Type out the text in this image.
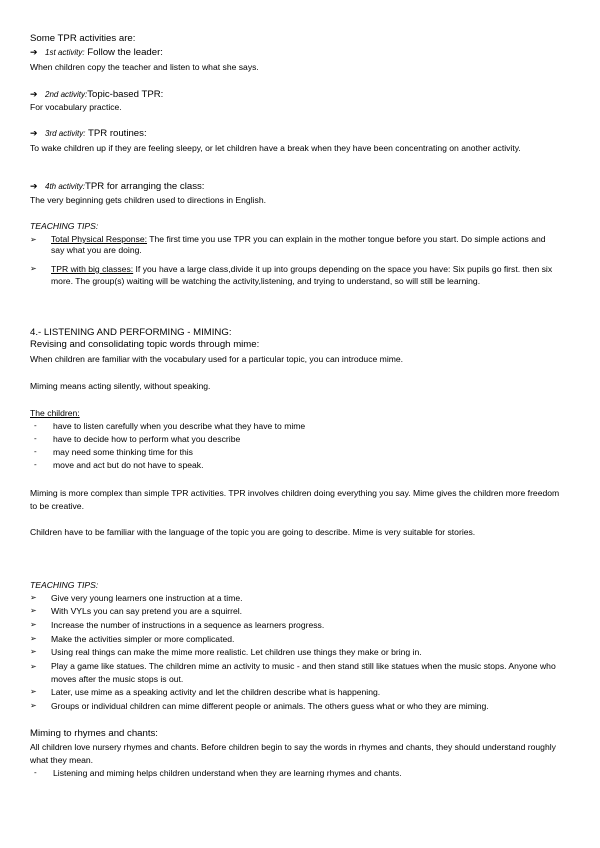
Some TPR activities are:
➔ 1st activity: Follow the leader:
When children copy the teacher and listen to what she says.
➔ 2nd activity:Topic-based TPR:
For vocabulary practice.
➔ 3rd activity: TPR routines:
To wake children up if they are feeling sleepy, or let children have a break when they have been concentrating on another activity.
➔ 4th activity:TPR for arranging the class:
The very beginning gets children used to directions in English.
TEACHING TIPS:
➢	Total Physical Response: The first time you use TPR you can explain in the mother tongue before you start. Do simple actions and say what you are doing.
➢	TPR with big classes: If you have a large class,divide it up into groups depending on the space you have: Six pupils go first. then six more. The group(s) waiting will be watching the activity,listening, and trying to understand, so will still be learning.
4.- LISTENING AND PERFORMING - MIMING:
Revising and consolidating topic words through mime:
When children are familiar with the vocabulary used for a particular topic, you can introduce mime.
Miming means acting silently, without speaking.
The children:
-	have to listen carefully when you describe what they have to mime
-	have to decide how to perform what you describe
-	may need some thinking time for this
-	move and act but do not have to speak.
Miming is more complex than simple TPR activities. TPR involves children doing everything you say. Mime gives the children more freedom to be creative.
Children have to be familiar with the language of the topic you are going to describe. Mime is very suitable for stories.
TEACHING TIPS:
➢	Give very young learners one instruction at a time.
➢	With VYLs you can say pretend you are a squirrel.
➢	Increase the number of instructions in a sequence as learners progress.
➢	Make the activities simpler or more complicated.
➢	Using real things can make the mime more realistic. Let children use things they make or bring in.
➢	Play a game like statues. The children mime an activity to music - and then stand still like statues when the music stops. Anyone who moves after the music stops is out.
➢	Later, use mime as a speaking activity and let the children describe what is happening.
➢	Groups or individual children can mime different people or animals. The others guess what or who they are miming.
Miming to rhymes and chants:
All children love nursery rhymes and chants. Before children begin to say the words in rhymes and chants, they should understand roughly what they mean.
-	Listening and miming helps children understand when they are learning rhymes and chants.
